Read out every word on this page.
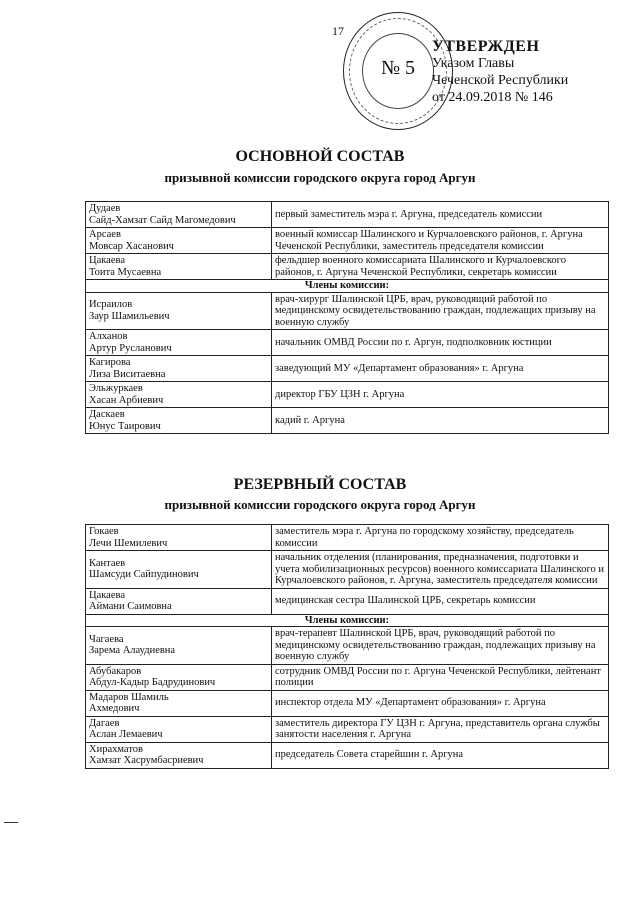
17
№ 5
УТВЕРЖДЕН
Указом Главы
Чеченской Республики
от 24.09.2018 № 146
ОСНОВНОЙ СОСТАВ
призывной комиссии городского округа город Аргун
Дудаев
Сайд-Хамзат Сайд Магомедович	первый заместитель мэра г. Аргуна, председатель комиссии
Арсаев
Мовсар Хасанович	военный комиссар Шалинского и Курчалоевского районов, г. Аргуна Чеченской Республики, заместитель председателя комиссии
Цакаева
Тоита Мусаевна	фельдшер военного комиссариата Шалинского и Курчалоевского районов, г. Аргуна Чеченской Республики, секретарь комиссии
Члены комиссии:	
Исраилов
Заур Шамильевич	врач-хирург Шалинской ЦРБ, врач, руководящий работой по медицинскому освидетельствованию граждан, подлежащих призыву на военную службу
Алханов
Артур Русланович	начальник ОМВД России по г. Аргун, подполковник юстиции
Кагирова
Лиза Виситаевна	заведующий МУ «Департамент образования» г. Аргуна
Эльжуркаев
Хасан Арбиевич	директор ГБУ ЦЗН г. Аргуна
Даскаев
Юнус Таирович	кадий г. Аргуна
РЕЗЕРВНЫЙ СОСТАВ
призывной комиссии городского округа город Аргун
Гокаев
Лечи Шемилевич	заместитель мэра г. Аргуна по городскому хозяйству, председатель комиссии
Кантаев
Шамсуди Сайпудинович	начальник отделения (планирования, предназначения, подготовки и учета мобилизационных ресурсов) военного комиссариата Шалинского и Курчалоевского районов, г. Аргуна, заместитель председателя комиссии
Цакаева
Аймани Саимовна	медицинская сестра Шалинской ЦРБ, секретарь комиссии
Члены комиссии:	
Чагаева
Зарема Алаудиевна	врач-терапевт Шалинской ЦРБ, врач, руководящий работой по медицинскому освидетельствованию граждан, подлежащих призыву на военную службу
Абубакаров
Абдул-Кадыр Бадрудинович	сотрудник ОМВД России по г. Аргуна Чеченской Республики, лейтенант полиции
Мадаров Шамиль
Ахмедович	инспектор отдела МУ «Департамент образования» г. Аргуна
Дагаев
Аслан Лемаевич	заместитель директора ГУ ЦЗН г. Аргуна, представитель органа службы занятости населения г. Аргуна
Хирахматов
Хамзат Хасрумбасриевич	председатель Совета старейшин г. Аргуна
